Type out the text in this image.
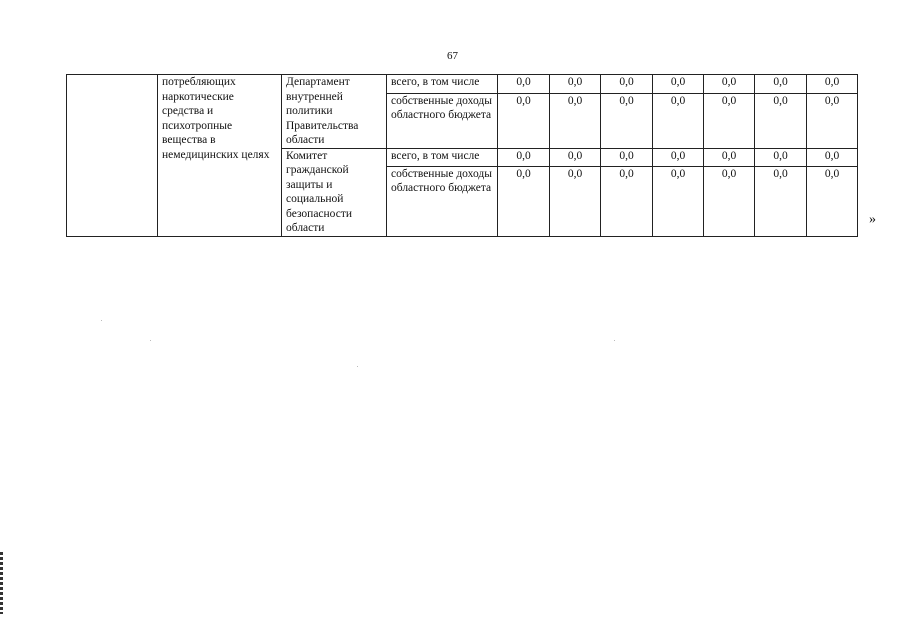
67
	потребляющих наркотические средства и психотропные вещества в немедицинских целях	Департамент внутренней политики Правительства области	всего, в том числе	0,0	0,0	0,0	0,0	0,0	0,0	0,0
			собственные доходы областного бюджета	0,0	0,0	0,0	0,0	0,0	0,0	0,0
		Комитет гражданской защиты и социальной безопасности области	всего, в том числе	0,0	0,0	0,0	0,0	0,0	0,0	0,0
			собственные доходы областного бюджета	0,0	0,0	0,0	0,0	0,0	0,0	0,0
»
